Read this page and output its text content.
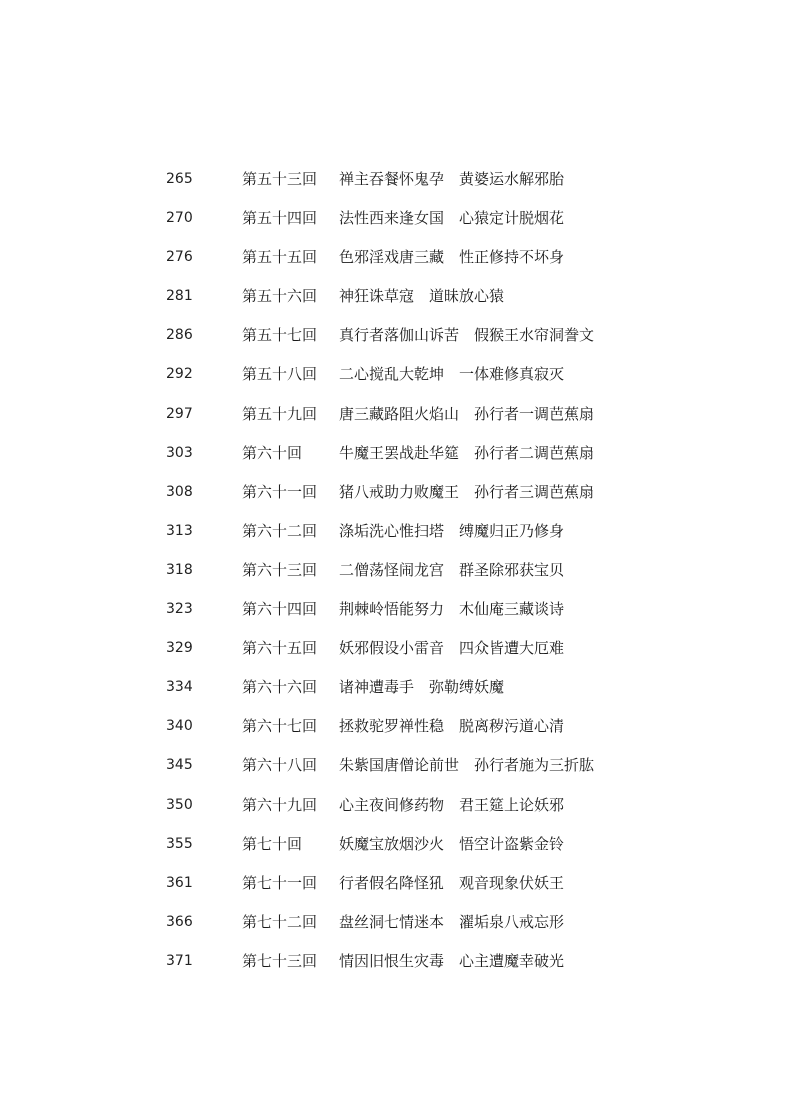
265	第五十三回 禅主吞餐怀鬼孕　黄婆运水解邪胎
270	第五十四回 法性西来逢女国　心猿定计脱烟花
276	第五十五回 色邪淫戏唐三藏　性正修持不坏身
281	第五十六回 神狂诛草寇　道昧放心猿
286	第五十七回 真行者落伽山诉苦　假猴王水帘洞誊文
292	第五十八回 二心搅乱大乾坤　一体难修真寂灭
297	第五十九回 唐三藏路阻火焰山　孙行者一调芭蕉扇
303	第六十回 牛魔王罢战赴华筵　孙行者二调芭蕉扇
308	第六十一回 猪八戒助力败魔王　孙行者三调芭蕉扇
313	第六十二回 涤垢洗心惟扫塔　缚魔归正乃修身
318	第六十三回 二僧荡怪闹龙宫　群圣除邪获宝贝
323	第六十四回 荆棘岭悟能努力　木仙庵三藏谈诗
329	第六十五回 妖邪假设小雷音　四众皆遭大厄难
334	第六十六回 诸神遭毒手　弥勒缚妖魔
340	第六十七回 拯救驼罗禅性稳　脱离秽污道心清
345	第六十八回 朱紫国唐僧论前世　孙行者施为三折肱
350	第六十九回 心主夜间修药物　君王筵上论妖邪
355	第七十回 妖魔宝放烟沙火　悟空计盗紫金铃
361	第七十一回 行者假名降怪犼　观音现象伏妖王
366	第七十二回 盘丝洞七情迷本　濯垢泉八戒忘形
371	第七十三回 情因旧恨生灾毒　心主遭魔幸破光
